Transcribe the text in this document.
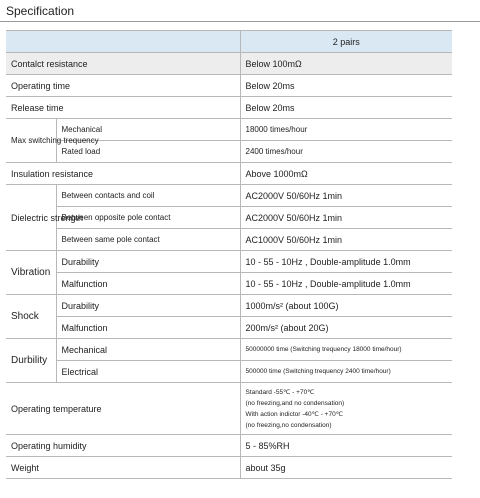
Specification
		2 pairs
Contalct resistance		Below 100mΩ
Operating time		Below 20ms
Release time		Below 20ms
Max switching trequency	Mechanical	18000 times/hour
	Rated load	2400 times/hour
Insulation resistance		Above 1000mΩ
Dielectric strength	Between contacts and coil	AC2000V 50/60Hz 1min
	Between opposite pole contact	AC2000V 50/60Hz 1min
	Between same pole contact	AC1000V 50/60Hz 1min
Vibration	Durability	10 - 55 - 10Hz , Double-amplitude 1.0mm
	Malfunction	10 - 55 - 10Hz , Double-amplitude 1.0mm
Shock	Durability	1000m/s² (about 100G)
	Malfunction	200m/s² (about 20G)
Durbility	Mechanical	50000000 time (Switching trequency 18000 time/hour)
	Electrical	500000 time (Switching trequency 2400 time/hour)
Operating temperature		Standard -55℃ - +70℃
(no freezing,and no condensation)
With action indictor -40℃ - +70℃
(no freezing,no condensation)

Operating humidity		5 - 85%RH
Weight		about 35g
